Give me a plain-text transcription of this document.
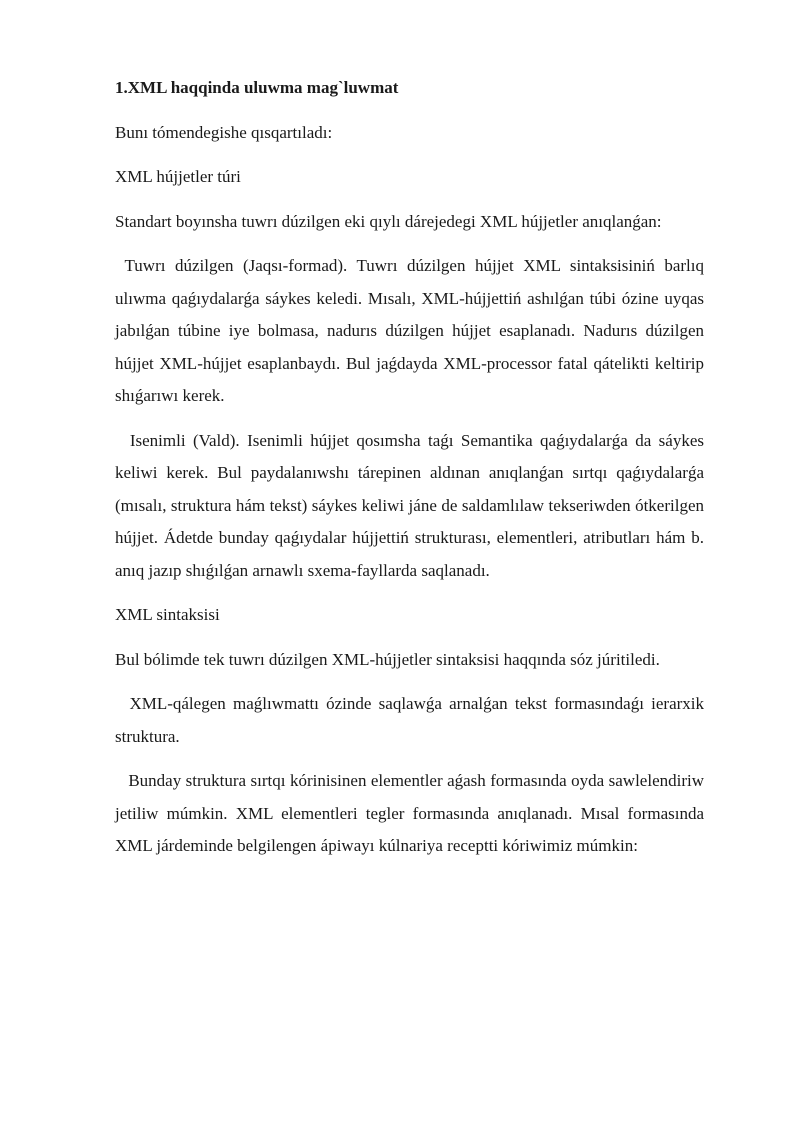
1.XML haqqinda uluwma mag`luwmat

Bunı tómendegishe qısqartıladı:

XML hújjetler túri

Standart boyınsha tuwrı dúzilgen eki qıylı dárejedegi XML hújjetler anıqlanǵan:

Tuwrı dúzilgen (Jaqsı-formad). Tuwrı dúzilgen hújjet XML sintaksisiniń barlıq ulıwma qaǵıydalarǵa sáykes keledi. Mısalı, XML-hújjettiń ashılǵan túbi ózine uyqas jabılǵan túbine iye bolmasa, nadurıs dúzilgen hújjet esaplanadı. Nadurıs dúzilgen hújjet XML-hújjet esaplanbaydı. Bul jaǵdayda XML-processor fatal qátelikti keltirip shıǵarıwı kerek.

Isenimli (Vald). Isenimli hújjet qosımsha taǵı Semantika qaǵıydalarǵa da sáykes keliwi kerek. Bul paydalanıwshı tárepinen aldınan anıqlanǵan sırtqı qaǵıydalarǵa (mısalı, struktura hám tekst) sáykes keliwi jáne de saldamlılaw tekseriwden ótkerilgen hújjet. Ádetde bunday qaǵıydalar hújjettiń strukturası, elementleri, atributları hám b. anıq jazıp shıǵılǵan arnawlı sxema-fayllarda saqlanadı.

XML sintaksisi

Bul bólimde tek tuwrı dúzilgen XML-hújjetler sintaksisi haqqında sóz júritiledi.

XML-qálegen maǵlıwmattı ózinde saqlawǵa arnalǵan tekst formasındaǵı ierarxik struktura.

Bunday struktura sırtqı kórinisinen elementler aǵash formasında oyda sawlelendiriw jetiliw múmkin. XML elementleri tegler formasında anıqlanadı. Mısal formasında XML járdeminde belgilengen ápiwayı kúlnariya receptti kóriwimiz múmkin:
